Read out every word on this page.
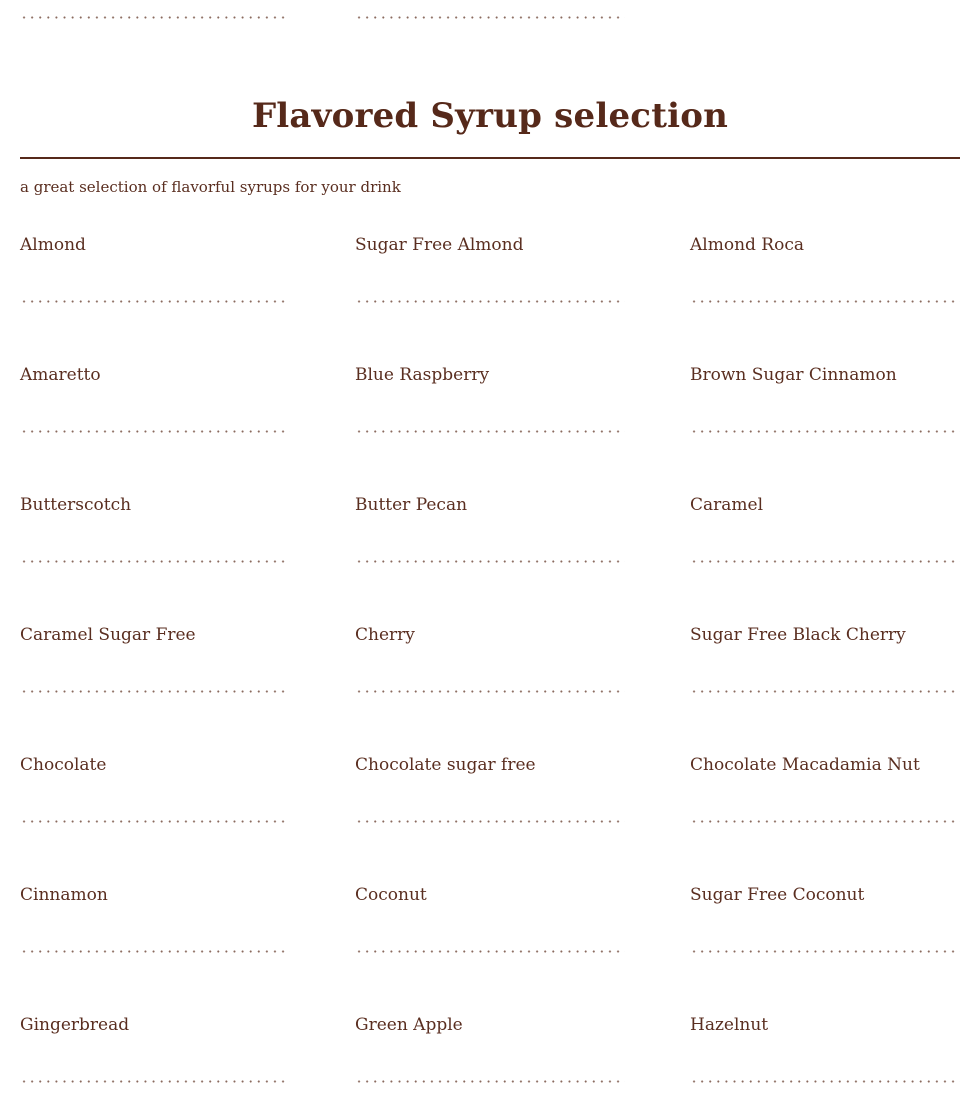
Flavored Syrup selection
a great selection of flavorful syrups for your drink
Almond	Sugar Free Almond	Almond Roca
Amaretto	Blue Raspberry	Brown Sugar Cinnamon
Butterscotch	Butter Pecan	Caramel
Caramel Sugar Free	Cherry	Sugar Free Black Cherry
Chocolate	Chocolate sugar free	Chocolate Macadamia Nut
Cinnamon	Coconut	Sugar Free Coconut
Gingerbread	Green Apple	Hazelnut
